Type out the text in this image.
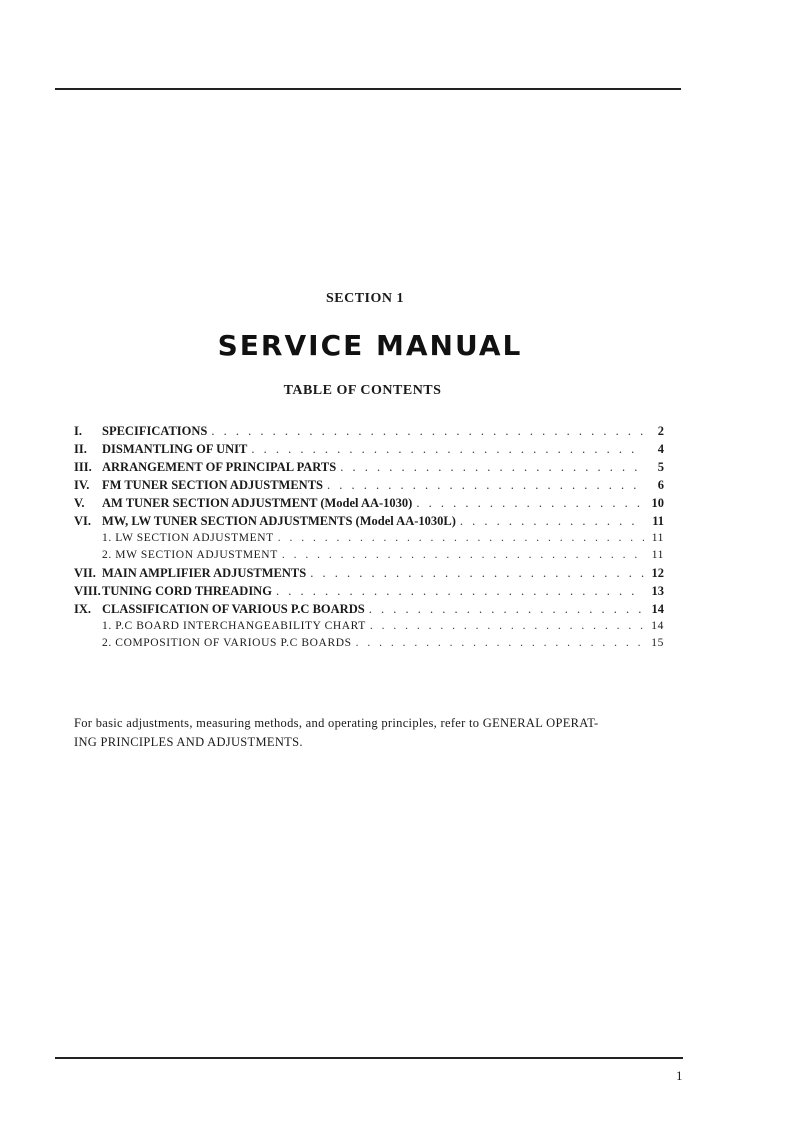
SECTION 1
SERVICE MANUAL
TABLE OF CONTENTS
I.	SPECIFICATIONS . . .	2
II.	DISMANTLING OF UNIT . . .	4
III. ARRANGEMENT OF PRINCIPAL PARTS . . .	5
IV.	FM TUNER SECTION ADJUSTMENTS . . .	6
V.	AM TUNER SECTION ADJUSTMENT (Model AA-1030) . . .	10
VI. MW, LW TUNER SECTION ADJUSTMENTS (Model AA-1030L) . . .	11
1. LW SECTION ADJUSTMENT . . .	11
2. MW SECTION ADJUSTMENT . . .	11
VII. MAIN AMPLIFIER ADJUSTMENTS . . .	12
VIII. TUNING CORD THREADING . . .	13
IX. CLASSIFICATION OF VARIOUS P.C BOARDS . . .	14
1. P.C BOARD INTERCHANGEABILITY CHART . . .	14
2. COMPOSITION OF VARIOUS P.C BOARDS . . .	15
For basic adjustments, measuring methods, and operating principles, refer to GENERAL OPERAT-
ING PRINCIPLES AND ADJUSTMENTS.
1
